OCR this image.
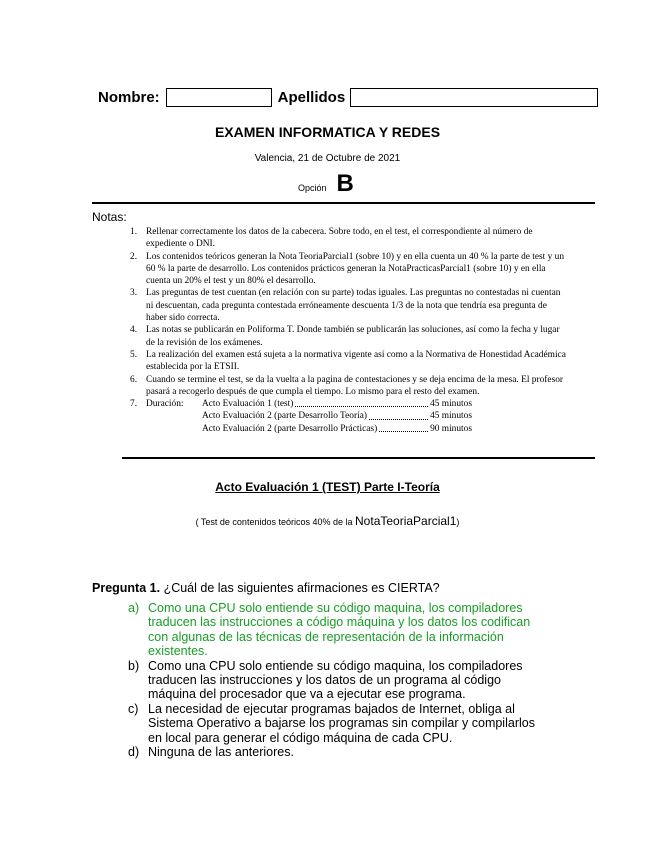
Nombre:	Apellidos
EXAMEN INFORMATICA Y REDES
Valencia, 21 de Octubre de 2021
Opción B
Notas:
1. Rellenar correctamente los datos de la cabecera. Sobre todo, en el test, el correspondiente al número de expediente o DNI.
2. Los contenidos teóricos generan la Nota TeoriaParcial1 (sobre 10) y en ella cuenta un 40 % la parte de test y un 60 % la parte de desarrollo. Los contenidos prácticos generan la NotaPracticasParcial1 (sobre 10) y en ella cuenta un 20% el test y un 80% el desarrollo.
3. Las preguntas de test cuentan (en relación con su parte) todas iguales. Las preguntas no contestadas ni cuentan ni descuentan, cada pregunta contestada erróneamente descuenta 1/3 de la nota que tendría esa pregunta de haber sido correcta.
4. Las notas se publicarán en Poliforma T. Donde también se publicarán las soluciones, así como la fecha y lugar de la revisión de los exámenes.
5. La realización del examen está sujeta a la normativa vigente así como a la Normativa de Honestidad Académica establecida por la ETSII.
6. Cuando se termine el test, se da la vuelta a la pagina de contestaciones y se deja encima de la mesa. El profesor pasará a recogerlo después de que cumpla el tiempo. Lo mismo para el resto del examen.
7. Duración:	Acto Evaluación 1 (test)	45 minutos
Acto Evaluación 2 (parte Desarrollo Teoría)	45 minutos
Acto Evaluación 2 (parte Desarrollo Prácticas)	90 minutos
Acto Evaluación 1 (TEST) Parte I-Teoría
( Test de contenidos teóricos 40% de la NotaTeoriaParcial1)
Pregunta 1. ¿Cuál de las siguientes afirmaciones es CIERTA?
a) Como una CPU solo entiende su código maquina, los compiladores traducen las instrucciones a código máquina y los datos los codifican con algunas de las técnicas de representación de la información existentes.
b) Como una CPU solo entiende su código maquina, los compiladores traducen las instrucciones y los datos de un programa al código máquina del procesador que va a ejecutar ese programa.
c) La necesidad de ejecutar programas bajados de Internet, obliga al Sistema Operativo a bajarse los programas sin compilar y compilarlos en local para generar el código máquina de cada CPU.
d) Ninguna de las anteriores.
